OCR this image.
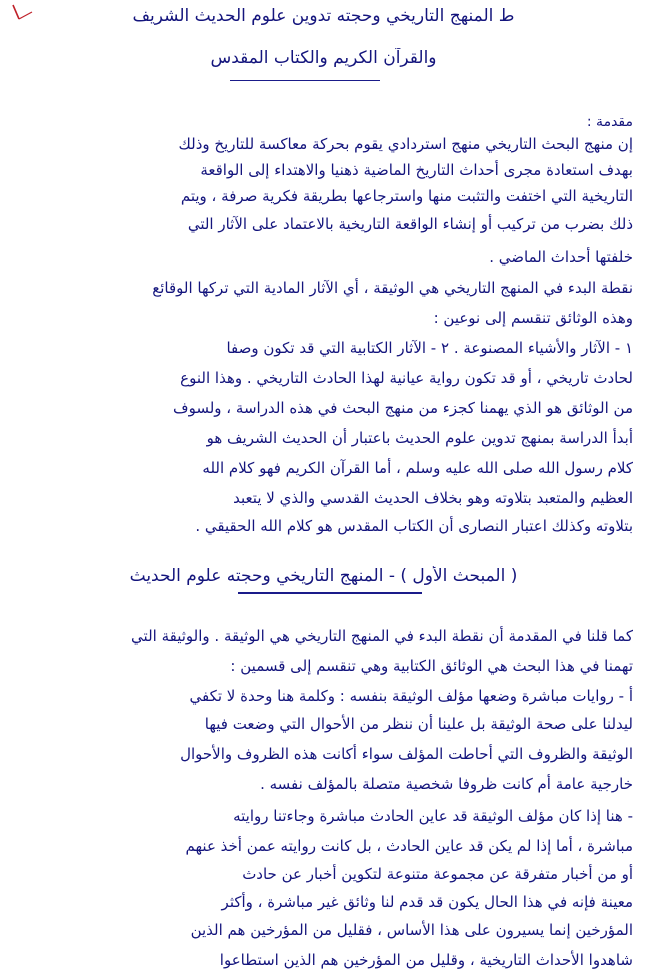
ط المنهج التاريخي وحجته تدوين علوم الحديث الشريف
والقرآن الكريم والكتاب المقدس
مقدمة :
إن منهج البحث التاريخي منهج استردادي يقوم بحركة معاكسة للتاريخ وذلك
بهدف استعادة مجرى أحداث التاريخ الماضية ذهنيا والاهتداء إلى الواقعة
التاريخية التي اختفت والتثبت منها واسترجاعها بطريقة فكرية صرفة ، ويتم
ذلك بضرب من تركيب أو إنشاء الواقعة التاريخية بالاعتماد على الآثار التي
خلفتها أحداث الماضي .
نقطة البدء في المنهج التاريخي هي الوثيقة ، أي الآثار المادية التي تركها الوقائع
وهذه الوثائق تنقسم إلى نوعين :
١ - الآثار والأشياء المصنوعة . ٢ - الآثار الكتابية التي قد تكون وصفا
لحادث تاريخي ، أو قد تكون رواية عيانية لهذا الحادث التاريخي . وهذا النوع
من الوثائق هو الذي يهمنا كجزء من منهج البحث في هذه الدراسة ، ولسوف
أبدأ الدراسة بمنهج تدوين علوم الحديث باعتبار أن الحديث الشريف هو
كلام رسول الله صلى الله عليه وسلم ، أما القرآن الكريم فهو كلام الله
العظيم والمتعبد بتلاوته وهو بخلاف الحديث القدسي والذي لا يتعبد
بتلاوته وكذلك اعتبار النصارى أن الكتاب المقدس هو كلام الله الحقيقي .
( المبحث الأول ) - المنهج التاريخي وحجته علوم الحديث
كما قلنا في المقدمة أن نقطة البدء في المنهج التاريخي هي الوثيقة . والوثيقة التي
تهمنا في هذا البحث هي الوثائق الكتابية وهي تنقسم إلى قسمين :
أ - روايات مباشرة وضعها مؤلف الوثيقة بنفسه : وكلمة هنا وحدة لا تكفي
ليدلنا على صحة الوثيقة بل علينا أن ننظر من الأحوال التي وضعت فيها
الوثيقة والظروف التي أحاطت المؤلف سواء أكانت هذه الظروف والأحوال
خارجية عامة أم كانت ظروفا شخصية متصلة بالمؤلف نفسه .
- هنا إذا كان مؤلف الوثيقة قد عاين الحادث مباشرة وجاءتنا روايته
مباشرة ، أما إذا لم يكن قد عاين الحادث ، بل كانت روايته عمن أخذ عنهم
أو من أخبار متفرقة عن مجموعة متنوعة لتكوين أخبار عن حادث
معينة فإنه في هذا الحال يكون قد قدم لنا وثائق غير مباشرة ، وأكثر
المؤرخين إنما يسيرون على هذا الأساس ، فقليل من المؤرخين هم الذين
شاهدوا الأحداث التاريخية ، وقليل من المؤرخين هم الذين استطاعوا
